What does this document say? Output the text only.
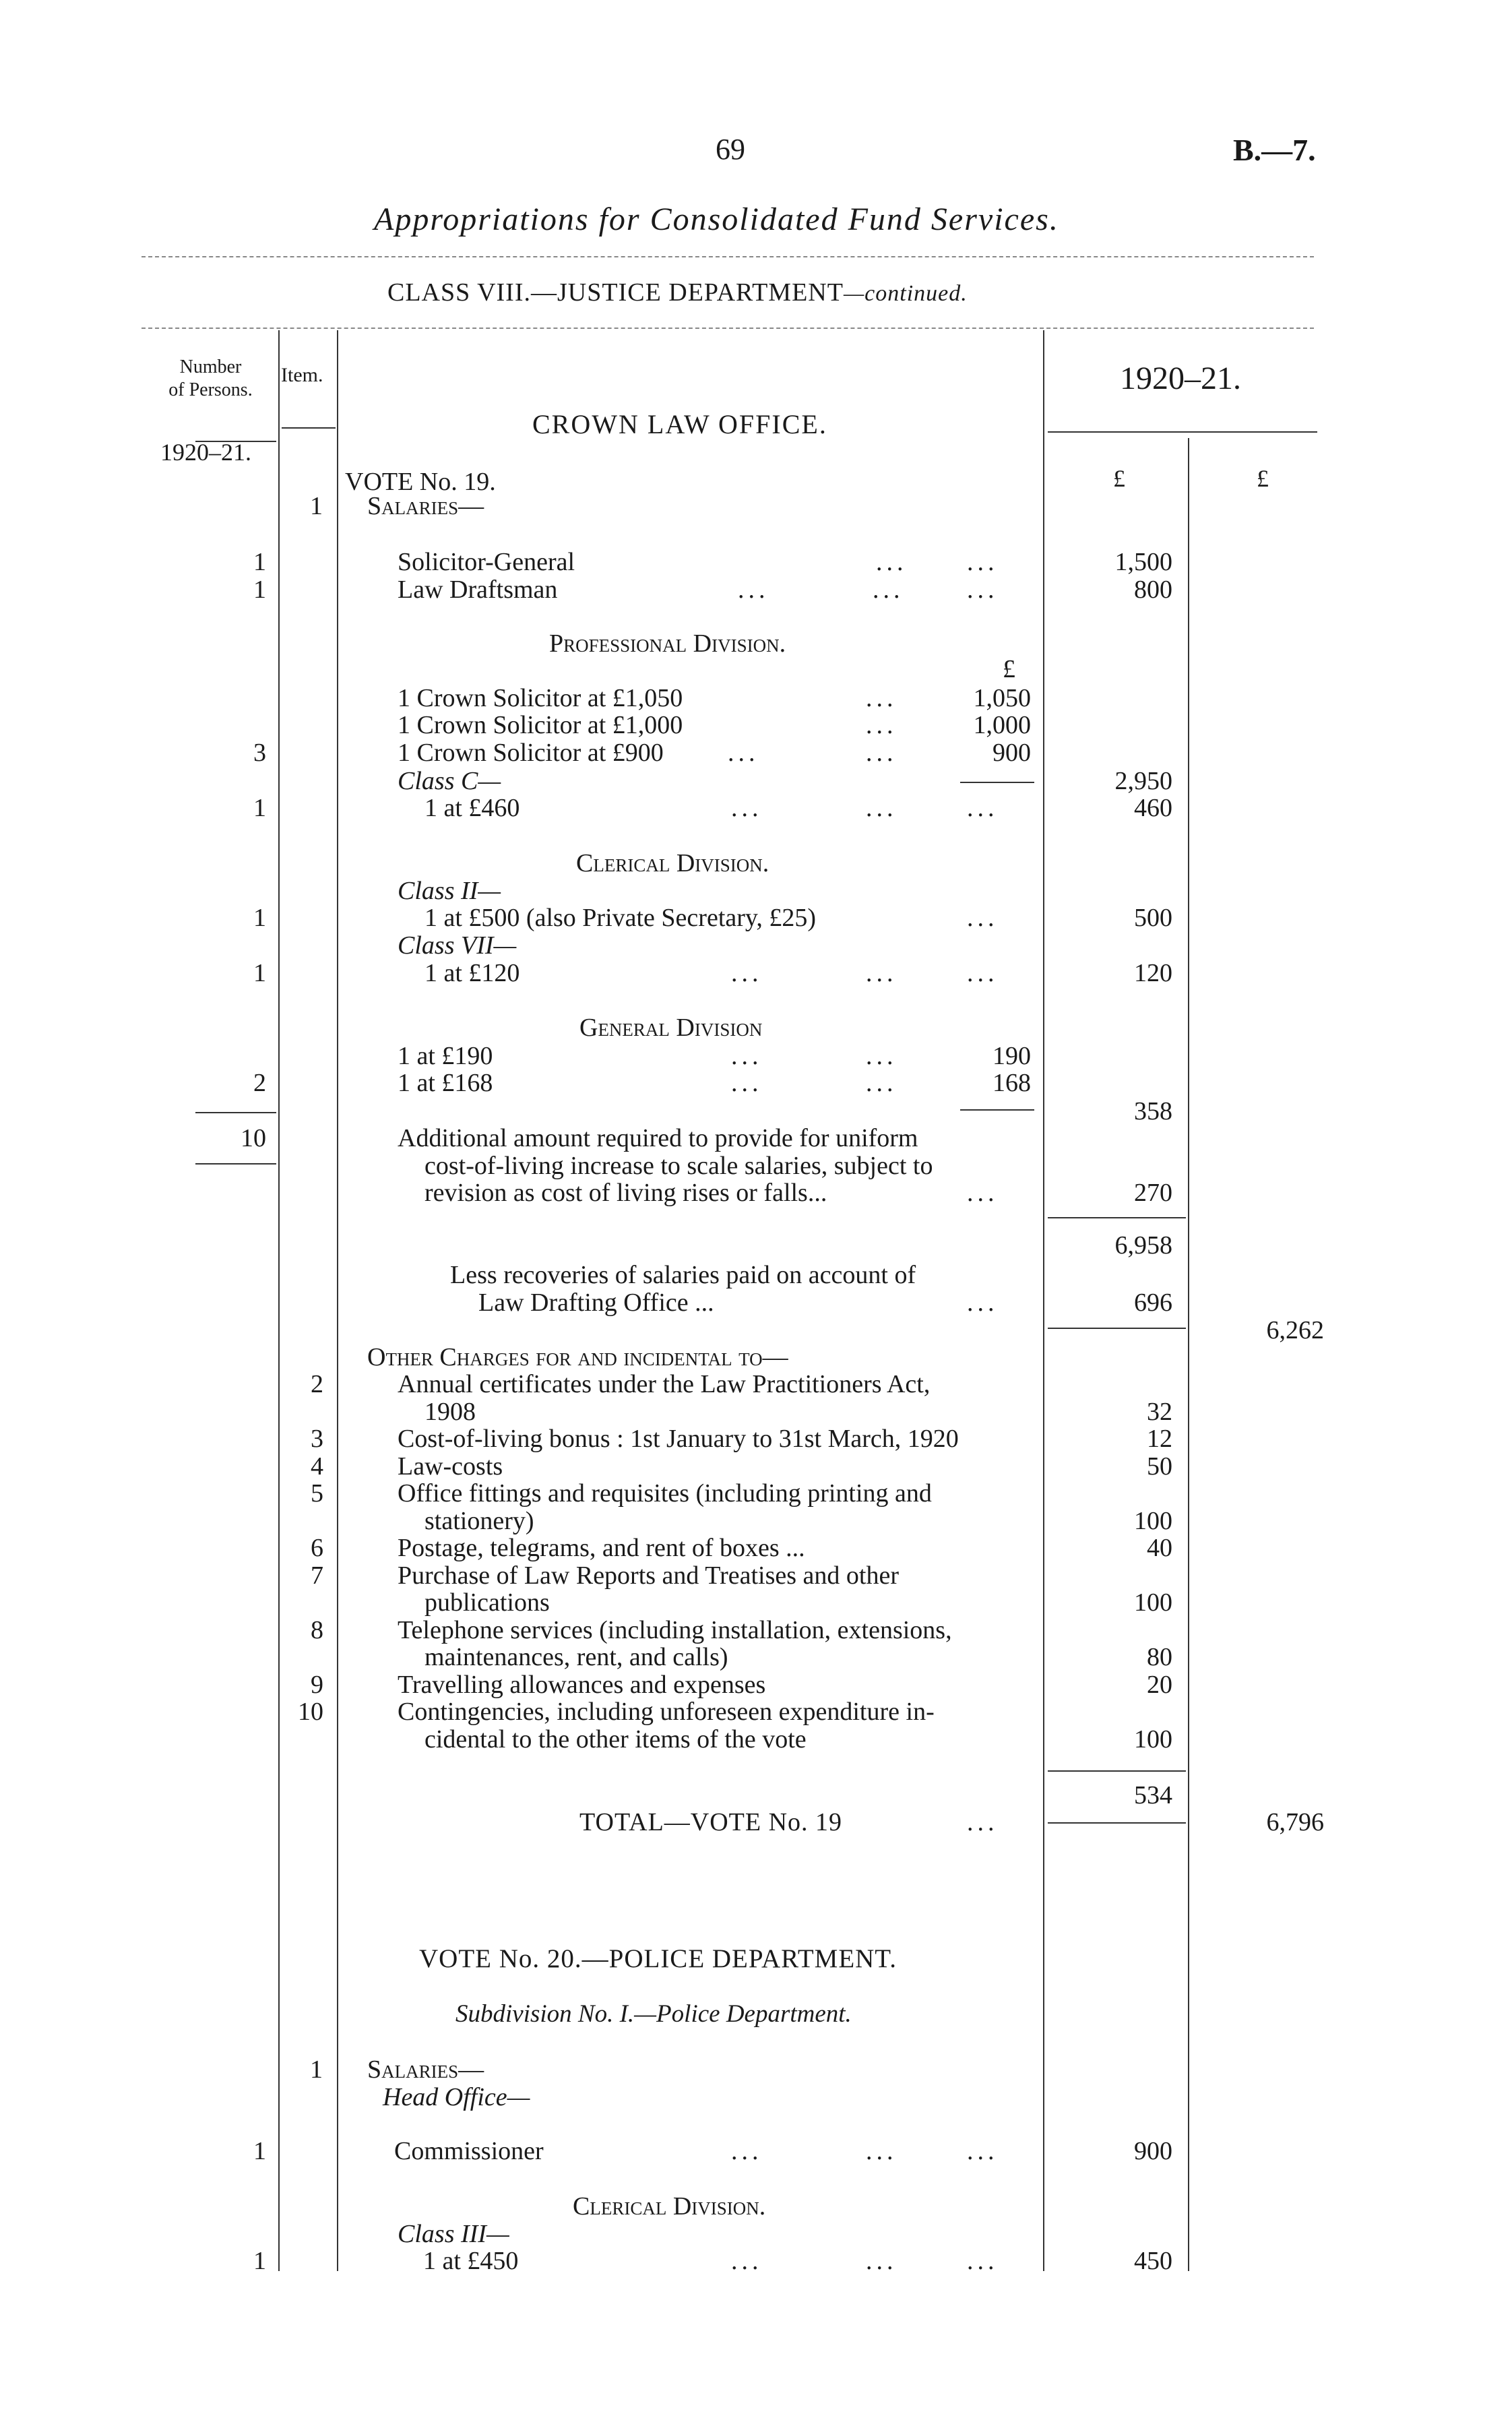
69	B.—7.
Appropriations for Consolidated Fund Services.
CLASS VIII.—JUSTICE DEPARTMENT—continued.
Number
of Persons.
Item.
1920–21.
1920–21.
£	£
CROWN LAW OFFICE.
VOTE No. 19.
1 Salaries—
1	Solicitor-General	... ...	1,500
1	Law Draftsman	...	... ...	800
Professional Division.
£
1 Crown Solicitor at £1,050	...	1,050
1 Crown Solicitor at £1,000	...	1,000
3	1 Crown Solicitor at £900	...	...	900
Class C—	2,950
1	1 at £460	...	...	...	460
Clerical Division.
Class II—
1	1 at £500 (also Private Secretary, £25)	...	500
Class VII—
1	1 at £120	...	...	...	120
General Division
1 at £190	...	...	190
2	1 at £168	...	...	168
358
10	Additional amount required to provide for uniform
cost-of-living increase to scale salaries, subject to
revision as cost of living rises or falls...	...	270
6,958
Less recoveries of salaries paid on account of
Law Drafting Office ...	...	696
6,262
Other Charges for and incidental to—
2	Annual certificates under the Law Practitioners Act,
1908	32
3	Cost-of-living bonus : 1st January to 31st March, 1920	12
4	Law-costs	50
5	Office fittings and requisites (including printing and
stationery)	100
6	Postage, telegrams, and rent of boxes ...	40
7	Purchase of Law Reports and Treatises and other
publications	100
8	Telephone services (including installation, extensions,
maintenances, rent, and calls)	80
9	Travelling allowances and expenses	20
10	Contingencies, including unforeseen expenditure in-
cidental to the other items of the vote	100
534
TOTAL—VOTE No. 19	...	6,796
VOTE No. 20.—POLICE DEPARTMENT.
Subdivision No. I.—Police Department.
1 Salaries—
Head Office—
1	Commissioner	...	...	...	900
Clerical Division.
Class III—
1	1 at £450	...	...	...	450
